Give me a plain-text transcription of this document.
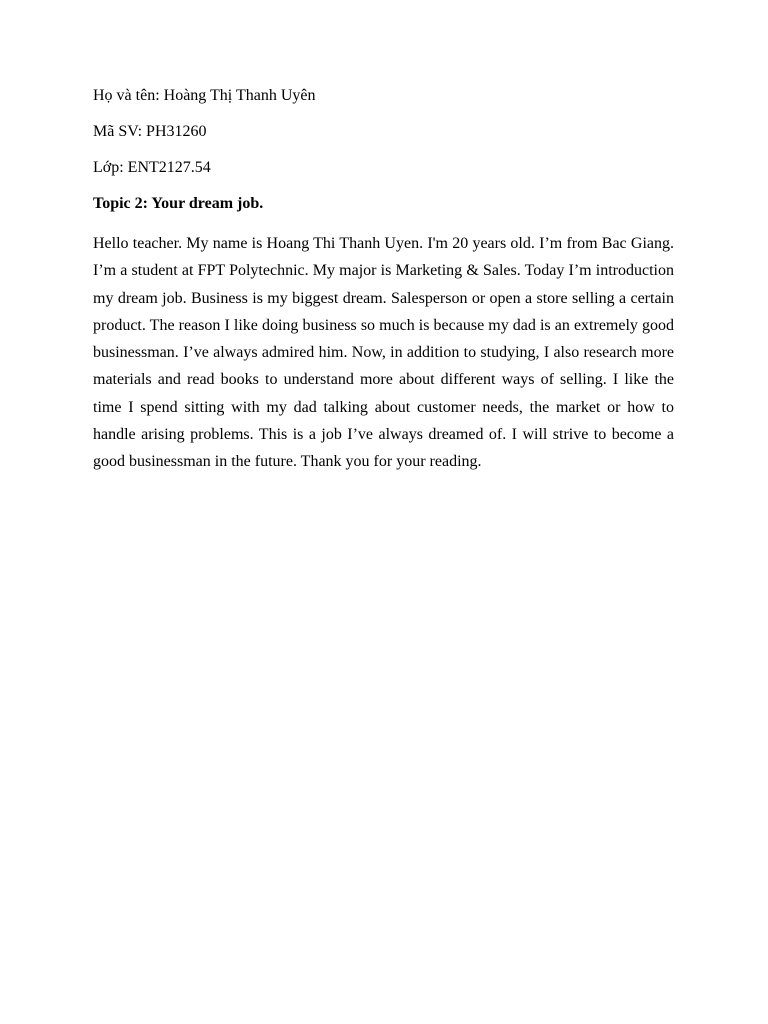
Họ và tên: Hoàng Thị Thanh Uyên

Mã SV: PH31260

Lớp: ENT2127.54

Topic 2: Your dream job.

Hello teacher. My name is Hoang Thi Thanh Uyen. I'm 20 years old. I’m from Bac Giang. I’m a student at FPT Polytechnic. My major is Marketing & Sales. Today I’m introduction my dream job. Business is my biggest dream. Salesperson or open a store selling a certain product. The reason I like doing business so much is because my dad is an extremely good businessman. I’ve always admired him. Now, in addition to studying, I also research more materials and read books to understand more about different ways of selling. I like the time I spend sitting with my dad talking about customer needs, the market or how to handle arising problems. This is a job I’ve always dreamed of. I will strive to become a good businessman in the future. Thank you for your reading.
